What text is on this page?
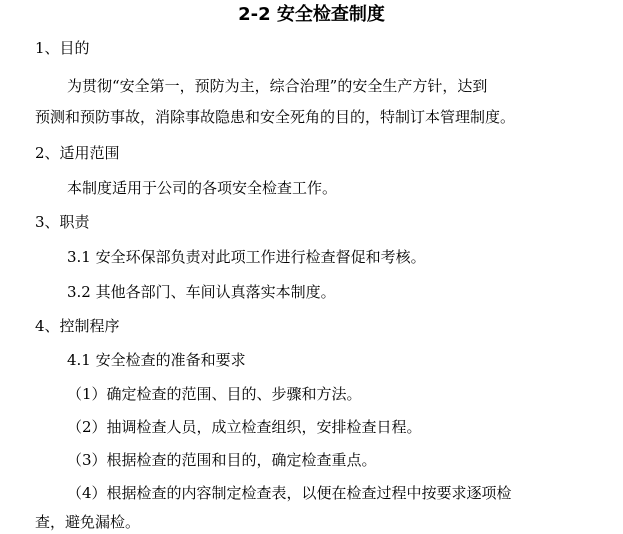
2-2 安全检查制度
1、目的
为贯彻“安全第一，预防为主，综合治理”的安全生产方针，达到
预测和预防事故，消除事故隐患和安全死角的目的，特制订本管理制度。
2、适用范围
本制度适用于公司的各项安全检查工作。
3、职责
3.1 安全环保部负责对此项工作进行检查督促和考核。
3.2 其他各部门、车间认真落实本制度。
4、控制程序
4.1 安全检查的准备和要求
（1）确定检查的范围、目的、步骤和方法。
（2）抽调检查人员，成立检查组织，安排检查日程。
（3）根据检查的范围和目的，确定检查重点。
（4）根据检查的内容制定检查表，以便在检查过程中按要求逐项检
查，避免漏检。
